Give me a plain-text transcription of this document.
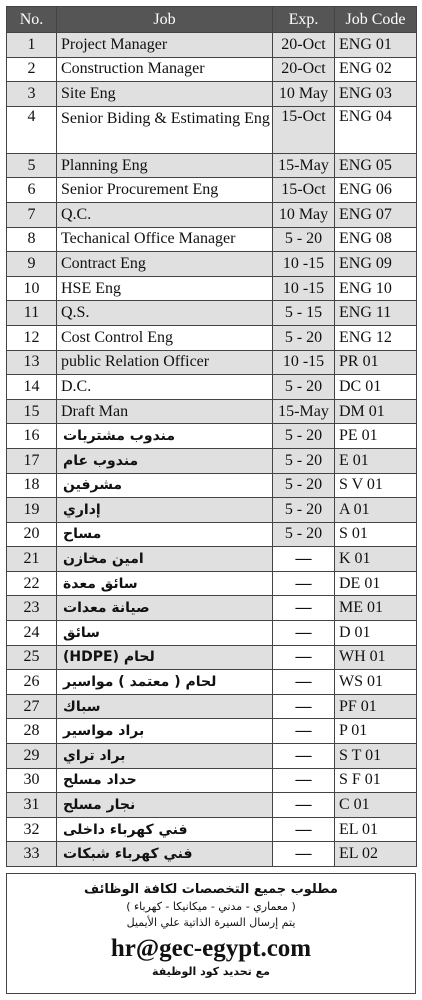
No.	Job	Exp.	Job Code
1	Project Manager	20-Oct	ENG 01
2	Construction Manager	20-Oct	ENG 02
3	Site Eng	10 May	ENG 03
4	Senior Biding & Estimating Eng	15-Oct	ENG 04
5	Planning Eng	15-May	ENG 05
6	Senior Procurement Eng	15-Oct	ENG 06
7	Q.C.	10 May	ENG 07
8	Techanical Office Manager	5 - 20	ENG 08
9	Contract Eng	10 -15	ENG 09
10	HSE Eng	10 -15	ENG 10
11	Q.S.	5 - 15	ENG 11
12	Cost Control Eng	5 - 20	ENG 12
13	public Relation Officer	10 -15	PR 01
14	D.C.	5 - 20	DC 01
15	Draft Man	15-May	DM 01
16	مندوب مشتريات	5 - 20	PE 01
17	مندوب عام	5 - 20	E 01
18	مشرفين	5 - 20	S V 01
19	إداري	5 - 20	A 01
20	مساح	5 - 20	S 01
21	امين مخازن	—	K 01
22	سائق معدة	—	DE 01
23	صيانة معدات	—	ME 01
24	سائق	—	D 01
25	لحام (HDPE)	—	WH 01
26	لحام ( معتمد ) مواسير	—	WS 01
27	سباك	—	PF 01
28	براد مواسير	—	P 01
29	براد تراي	—	S T 01
30	حداد مسلح	—	S F 01
31	نجار مسلح	—	C 01
32	فني كهرباء داخلى	—	EL 01
33	فني كهرباء شبكات	—	EL 02
مطلوب جميع التخصصات لكافة الوظائف
( معماري - مدني - ميكانيكا - كهرباء )
يتم إرسال السيرة الذاتية علي الأيميل
hr@gec-egypt.com
مع تحديد كود الوظيفة
